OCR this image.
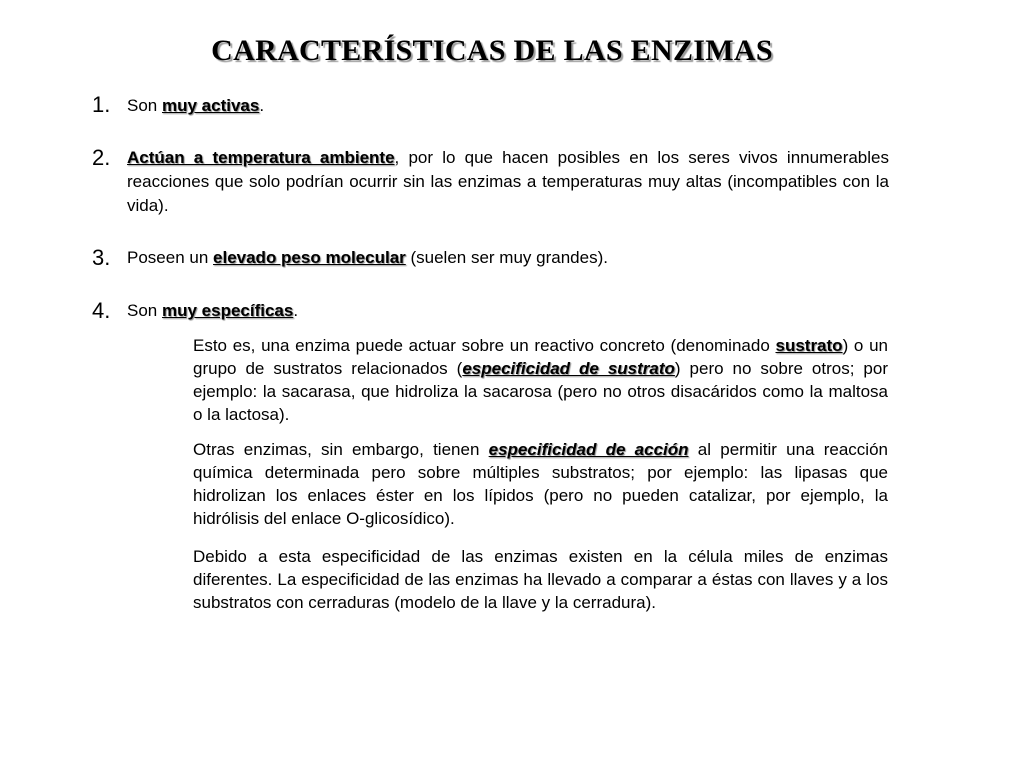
CARACTERÍSTICAS DE LAS ENZIMAS
1. Son muy activas.
2. Actúan a temperatura ambiente, por lo que hacen posibles en los seres vivos innumerables reacciones que solo podrían ocurrir sin las enzimas a temperaturas muy altas (incompatibles con la vida).
3. Poseen un elevado peso molecular (suelen ser muy grandes).
4. Son muy específicas.
Esto es, una enzima puede actuar sobre un reactivo concreto (denominado sustrato) o un grupo de sustratos relacionados (especificidad de sustrato) pero no sobre otros; por ejemplo: la sacarasa, que hidroliza la sacarosa (pero no otros disacáridos como la maltosa o la lactosa).
Otras enzimas, sin embargo, tienen especificidad de acción al permitir una reacción química determinada pero sobre múltiples substratos; por ejemplo: las lipasas que hidrolizan los enlaces éster en los lípidos (pero no pueden catalizar, por ejemplo, la hidrólisis del enlace O-glicosídico).
Debido a esta especificidad de las enzimas existen en la célula miles de enzimas diferentes. La especificidad de las enzimas ha llevado a comparar a éstas con llaves y a los substratos con cerraduras (modelo de la llave y la cerradura).
